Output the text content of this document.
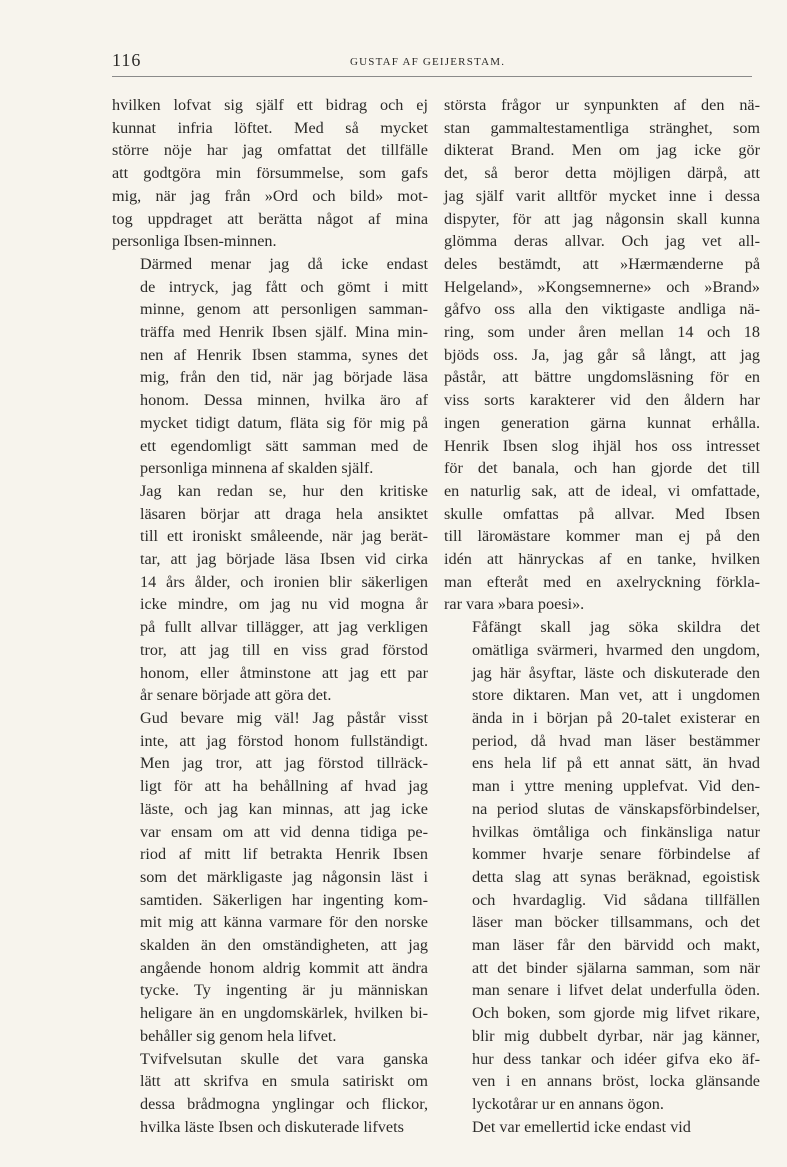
116	GUSTAF AF GEIJERSTAM.

hvilken lofvat sig själf ett bidrag och ej
kunnat infria löftet. Med så mycket
större nöje har jag omfattat det tillfälle
att godtgöra min försummelse, som gafs
mig, när jag från »Ord och bild» mot-
tog uppdraget att berätta något af mina
personliga Ibsen-minnen.

Därmed menar jag då icke endast
de intryck, jag fått och gömt i mitt
minne, genom att personligen samman-
träffa med Henrik Ibsen själf. Mina min-
nen af Henrik Ibsen stamma, synes det
mig, från den tid, när jag började läsa
honom. Dessa minnen, hvilka äro af
mycket tidigt datum, fläta sig för mig på
ett egendomligt sätt samman med de
personliga minnena af skalden själf.

Jag kan redan se, hur den kritiske
läsaren börjar att draga hela ansiktet
till ett ironiskt småleende, när jag berät-
tar, att jag började läsa Ibsen vid cirka
14 års ålder, och ironien blir säkerligen
icke mindre, om jag nu vid mogna år
på fullt allvar tillägger, att jag verkligen
tror, att jag till en viss grad förstod
honom, eller åtminstone att jag ett par
år senare började att göra det.

Gud bevare mig väl! Jag påstår visst
inte, att jag förstod honom fullständigt.
Men jag tror, att jag förstod tillräck-
ligt för att ha behållning af hvad jag
läste, och jag kan minnas, att jag icke
var ensam om att vid denna tidiga pe-
riod af mitt lif betrakta Henrik Ibsen
som det märkligaste jag någonsin läst i
samtiden. Säkerligen har ingenting kom-
mit mig att känna varmare för den norske
skalden än den omständigheten, att jag
angående honom aldrig kommit att ändra
tycke. Ty ingenting är ju människan
heligare än en ungdomskärlek, hvilken bi-
behåller sig genom hela lifvet.

Tvifvelsutan skulle det vara ganska
lätt att skrifva en smula satiriskt om
dessa brådmogna ynglingar och flickor,
hvilka läste Ibsen och diskuterade lifvets

största frågor ur synpunkten af den nä-
stan gammaltestamentliga stränghet, som
dikterat Brand. Men om jag icke gör
det, så beror detta möjligen därpå, att
jag själf varit alltför mycket inne i dessa
dispyter, för att jag någonsin skall kunna
glömma deras allvar. Och jag vet all-
deles bestämdt, att »Hærmænderne på
Helgeland», »Kongsemnerne» och »Brand»
gåfvo oss alla den viktigaste andliga nä-
ring, som under åren mellan 14 och 18
bjöds oss. Ja, jag går så långt, att jag
påstår, att bättre ungdomsläsning för en
viss sorts karakterer vid den åldern har
ingen generation gärna kunnat erhålla.
Henrik Ibsen slog ihjäl hos oss intresset
för det banala, och han gjorde det till
en naturlig sak, att de ideal, vi omfattade,
skulle omfattas på allvar. Med Ibsen
till lärомästare kommer man ej på den
idén att hänryckas af en tanke, hvilken
man efteråt med en axelryckning förkla-
rar vara »bara poesi».

Fåfängt skall jag söka skildra det
omätliga svärmeri, hvarmed den ungdom,
jag här åsyftar, läste och diskuterade den
store diktaren. Man vet, att i ungdomen
ända in i början på 20-talet existerar en
period, då hvad man läser bestämmer
ens hela lif på ett annat sätt, än hvad
man i yttre mening upplefvat. Vid den-
na period slutas de vänskapsförbindelser,
hvilkas ömtåliga och finkänsliga natur
kommer hvarje senare förbindelse af
detta slag att synas beräknad, egoistisk
och hvardaglig. Vid sådana tillfällen
läser man böcker tillsammans, och det
man läser får den bärvidd och makt,
att det binder själarna samman, som när
man senare i lifvet delat underfulla öden.
Och boken, som gjorde mig lifvet rikare,
blir mig dubbelt dyrbar, när jag känner,
hur dess tankar och idéer gifva eko äf-
ven i en annans bröst, locka glänsande
lyckotårar ur en annans ögon.

Det var emellertid icke endast vid
